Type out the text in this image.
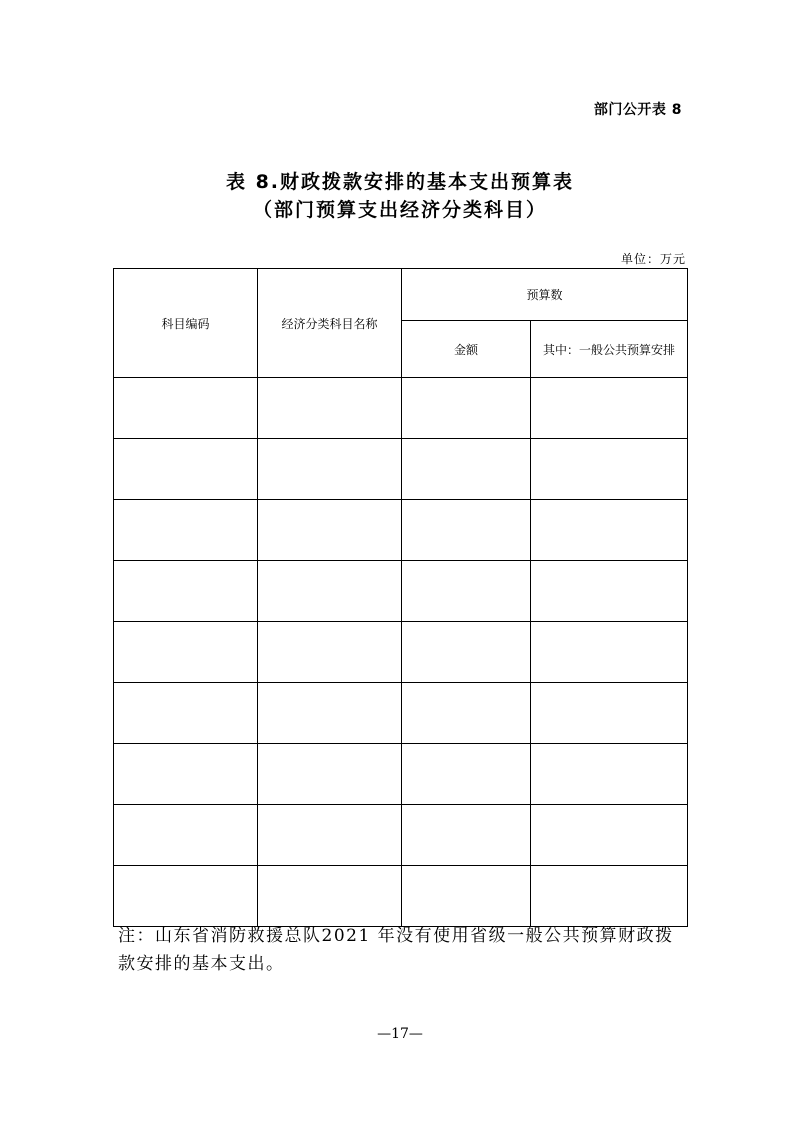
部门公开表 8
表 8.财政拨款安排的基本支出预算表
（部门预算支出经济分类科目）
单位：万元
科目编码	经济分类科目名称	预算数	
		金额	其中：一般公共预算安排

注：山东省消防救援总队2021 年没有使用省级一般公共预算财政拨款安排的基本支出。
—17—
